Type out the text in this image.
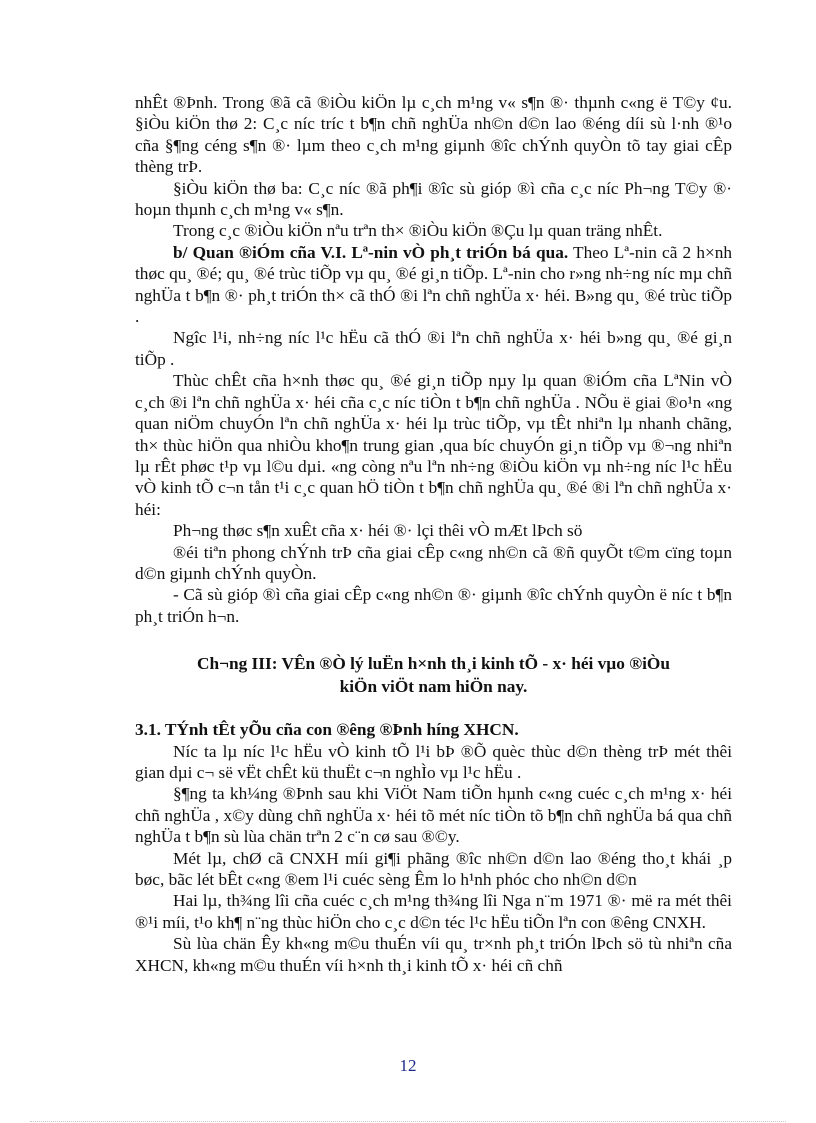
nhÊt ®Þnh. Trong ®ã cã ®iÒu kiÖn lµ c¸ch m¹ng v« s¶n ®· thµnh c«ng ë T©y ¢u. §iÒu kiÖn thø 2: C¸c níc tríc t b¶n chñ nghÜa nh©n d©n lao ®éng díi sù l·nh ®¹o cña §¶ng céng s¶n ®· lµm theo c¸ch m¹ng giµnh ®îc chÝnh quyÒn tõ tay giai cÊp thèng trÞ.

§iÒu kiÖn thø ba: C¸c níc ®ã ph¶i ®îc sù gióp ®ì cña c¸c níc Ph¬ng T©y ®· hoµn thµnh c¸ch m¹ng v« s¶n.

Trong c¸c ®iÒu kiÖn nªu trªn th× ®iÒu kiÖn ®Çu lµ quan träng nhÊt.

b/ Quan ®iÓm cña V.I. Lª-nin vÒ ph¸t triÓn bá qua. Theo Lª-nin cã 2 h×nh thøc qu¸ ®é; qu¸ ®é trùc tiÕp vµ qu¸ ®é gi¸n tiÕp. Lª-nin cho r»ng nh÷ng níc mµ chñ nghÜa t b¶n ®· ph¸t triÓn th× cã thÓ ®i lªn chñ nghÜa x· héi. B»ng qu¸ ®é trùc tiÕp .

Ngîc l¹i, nh÷ng níc l¹c hËu cã thÓ ®i lªn chñ nghÜa x· héi b»ng qu¸ ®é gi¸n tiÕp .

Thùc chÊt cña h×nh thøc qu¸ ®é gi¸n tiÕp nµy lµ quan ®iÓm cña LªNin vÒ c¸ch ®i lªn chñ nghÜa x· héi cña c¸c níc tiÒn t b¶n chñ nghÜa . NÕu ë giai ®o¹n «ng quan niÖm chuyÓn lªn chñ nghÜa x· héi lµ trùc tiÕp, vµ tÊt nhiªn lµ nhanh chãng, th× thùc hiÖn qua nhiÒu kho¶n trung gian ,qua bíc chuyÓn gi¸n tiÕp vµ ®¬ng nhiªn lµ rÊt phøc t¹p vµ l©u dµi. «ng còng nªu lªn nh÷ng ®iÒu kiÖn vµ nh÷ng níc l¹c hËu vÒ kinh tÕ c¬n tån t¹i c¸c quan hÖ tiÒn t b¶n chñ nghÜa qu¸ ®é ®i lªn chñ nghÜa x· héi:

Ph¬ng thøc s¶n xuÊt cña x· héi ®· lçi thêi vÒ mÆt lÞch sö

®éi tiªn phong chÝnh trÞ cña giai cÊp c«ng nh©n cã ®ñ quyÕt t©m cïng toµn d©n giµnh chÝnh quyÒn.

- Cã sù gióp ®ì cña giai cÊp c«ng nh©n ®· giµnh ®îc chÝnh quyÒn ë níc t b¶n ph¸t triÓn h¬n.

Ch¬ng III: VÊn ®Ò lý luËn h×nh th¸i kinh tÕ - x· héi vµo ®iÒu
kiÖn viÖt nam hiÖn nay.

3.1. TÝnh tÊt yÕu cña con ®êng ®Þnh híng XHCN.

Níc ta lµ níc l¹c hËu vÒ kinh tÕ l¹i bÞ ®Õ quèc thùc d©n thèng trÞ mét thêi gian dµi c¬ së vËt chÊt kü thuËt c¬n nghÌo vµ l¹c hËu .

§¶ng ta kh¼ng ®Þnh sau khi ViÖt Nam tiÕn hµnh c«ng cuéc c¸ch m¹ng x· héi chñ nghÜa , x©y dùng chñ nghÜa x· héi tõ mét níc tiÒn tõ b¶n chñ nghÜa bá qua chñ nghÜa t b¶n sù lùa chän trªn 2 c¨n cø sau ®©y.

Mét lµ, chØ cã CNXH míi gi¶i phãng ®îc nh©n d©n lao ®éng tho¸t khái ¸p bøc, bãc lét bÊt c«ng ®em l¹i cuéc sèng Êm lo h¹nh phóc cho nh©n d©n

Hai lµ, th¾ng lîi cña cuéc c¸ch m¹ng th¾ng lîi Nga n¨m 1971 ®· më ra mét thêi ®¹i míi, t¹o kh¶ n¨ng thùc hiÖn cho c¸c d©n téc l¹c hËu tiÕn lªn con ®êng CNXH.

Sù lùa chän Êy kh«ng m©u thuÉn víi qu¸ tr×nh ph¸t triÓn lÞch sö tù nhiªn cña XHCN, kh«ng m©u thuÉn víi h×nh th¸i kinh tÕ x· héi cñ chñ

12
